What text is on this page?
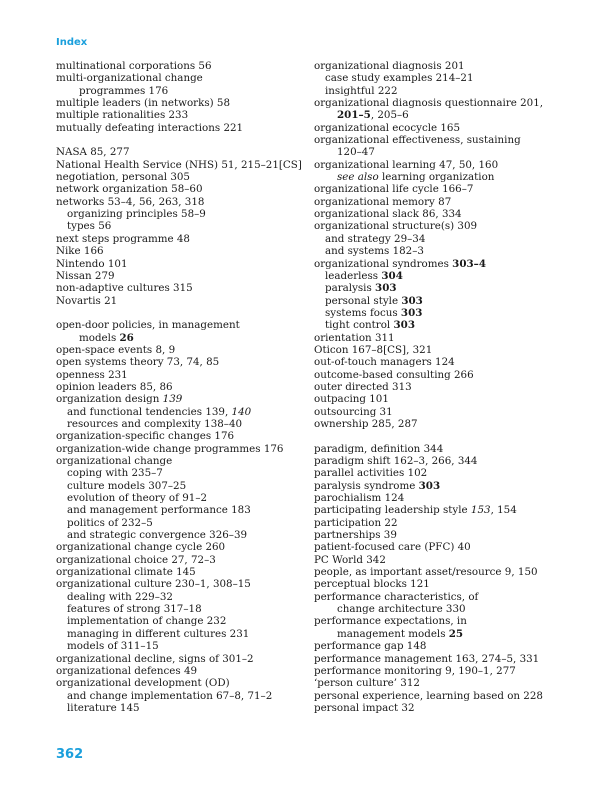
Index
multinational corporations 56
multi-organizational change
programmes 176
multiple leaders (in networks) 58
multiple rationalities 233
mutually defeating interactions 221
NASA 85, 277
National Health Service (NHS) 51, 215–21[CS]
negotiation, personal 305
network organization 58–60
networks 53–4, 56, 263, 318
organizing principles 58–9
types 56
next steps programme 48
Nike 166
Nintendo 101
Nissan 279
non-adaptive cultures 315
Novartis 21
open-door policies, in management
models 26
open-space events 8, 9
open systems theory 73, 74, 85
openness 231
opinion leaders 85, 86
organization design 139
and functional tendencies 139, 140
resources and complexity 138–40
organization-specific changes 176
organization-wide change programmes 176
organizational change
coping with 235–7
culture models 307–25
evolution of theory of 91–2
and management performance 183
politics of 232–5
and strategic convergence 326–39
organizational change cycle 260
organizational choice 27, 72–3
organizational climate 145
organizational culture 230–1, 308–15
dealing with 229–32
features of strong 317–18
implementation of change 232
managing in different cultures 231
models of 311–15
organizational decline, signs of 301–2
organizational defences 49
organizational development (OD)
and change implementation 67–8, 71–2
literature 145
organizational diagnosis 201
case study examples 214–21
insightful 222
organizational diagnosis questionnaire 201,
201–5, 205–6
organizational ecocycle 165
organizational effectiveness, sustaining
120–47
organizational learning 47, 50, 160
see also learning organization
organizational life cycle 166–7
organizational memory 87
organizational slack 86, 334
organizational structure(s) 309
and strategy 29–34
and systems 182–3
organizational syndromes 303–4
leaderless 304
paralysis 303
personal style 303
systems focus 303
tight control 303
orientation 311
Oticon 167–8[CS], 321
out-of-touch managers 124
outcome-based consulting 266
outer directed 313
outpacing 101
outsourcing 31
ownership 285, 287
paradigm, definition 344
paradigm shift 162–3, 266, 344
parallel activities 102
paralysis syndrome 303
parochialism 124
participating leadership style 153, 154
participation 22
partnerships 39
patient-focused care (PFC) 40
PC World 342
people, as important asset/resource 9, 150
perceptual blocks 121
performance characteristics, of
change architecture 330
performance expectations, in
management models 25
performance gap 148
performance management 163, 274–5, 331
performance monitoring 9, 190–1, 277
‘person culture’ 312
personal experience, learning based on 228
personal impact 32
362
